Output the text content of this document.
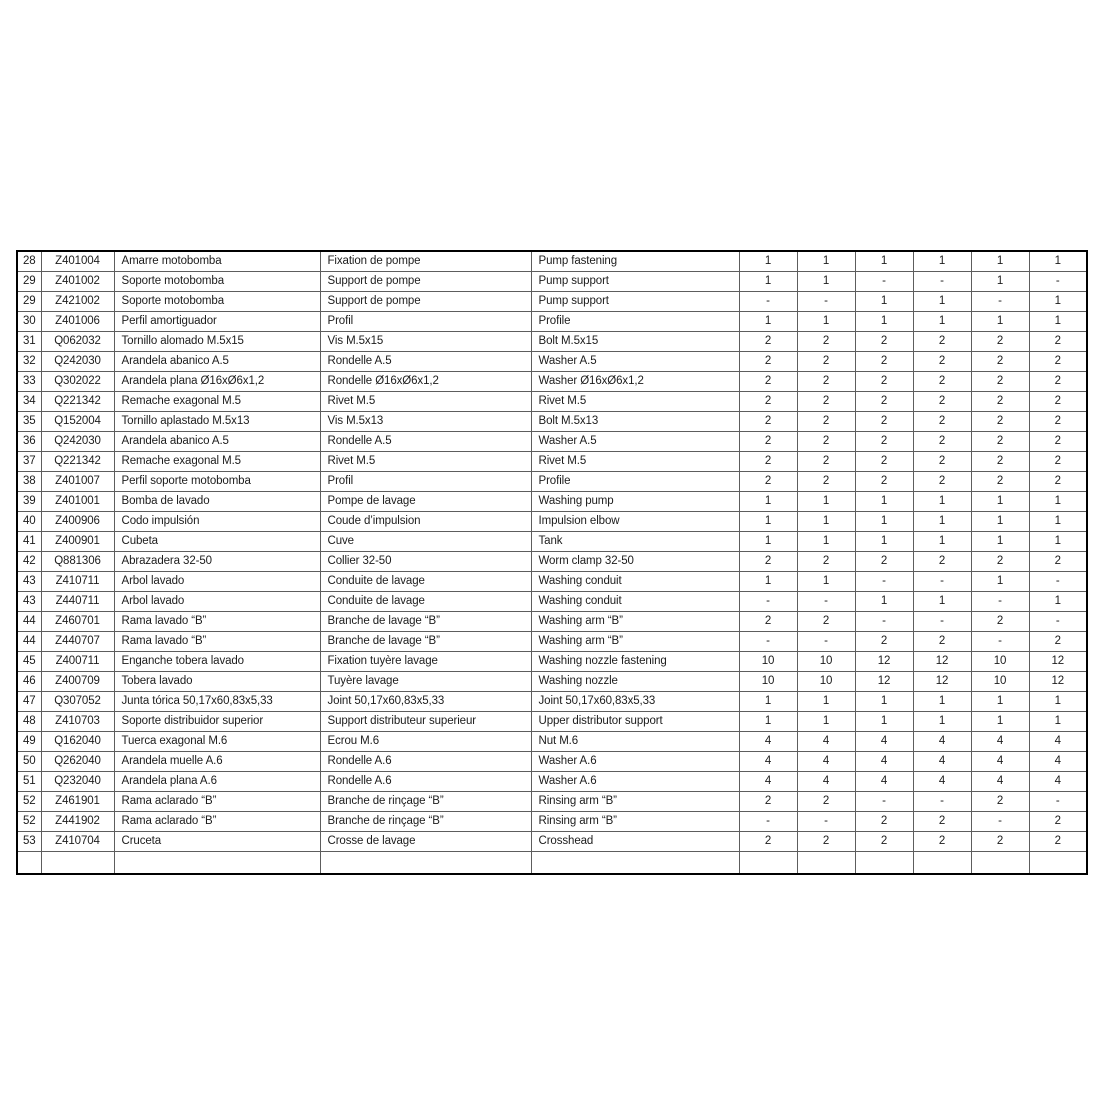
28	Z401004	Amarre motobomba	Fixation de pompe	Pump fastening	1	1	1	1	1	1
29	Z401002	Soporte motobomba	Support de pompe	Pump support	1	1	-	-	1	-
29	Z421002	Soporte motobomba	Support de pompe	Pump support	-	-	1	1	-	1
30	Z401006	Perfil amortiguador	Profil	Profile	1	1	1	1	1	1
31	Q062032	Tornillo alomado M.5x15	Vis M.5x15	Bolt M.5x15	2	2	2	2	2	2
32	Q242030	Arandela abanico A.5	Rondelle A.5	Washer A.5	2	2	2	2	2	2
33	Q302022	Arandela plana Ø16xØ6x1,2	Rondelle Ø16xØ6x1,2	Washer Ø16xØ6x1,2	2	2	2	2	2	2
34	Q221342	Remache exagonal M.5	Rivet M.5	Rivet M.5	2	2	2	2	2	2
35	Q152004	Tornillo aplastado M.5x13	Vis M.5x13	Bolt M.5x13	2	2	2	2	2	2
36	Q242030	Arandela abanico A.5	Rondelle A.5	Washer A.5	2	2	2	2	2	2
37	Q221342	Remache exagonal M.5	Rivet M.5	Rivet M.5	2	2	2	2	2	2
38	Z401007	Perfil soporte motobomba	Profil	Profile	2	2	2	2	2	2
39	Z401001	Bomba de lavado	Pompe de lavage	Washing pump	1	1	1	1	1	1
40	Z400906	Codo impulsión	Coude d’impulsion	Impulsion elbow	1	1	1	1	1	1
41	Z400901	Cubeta	Cuve	Tank	1	1	1	1	1	1
42	Q881306	Abrazadera 32-50	Collier 32-50	Worm clamp 32-50	2	2	2	2	2	2
43	Z410711	Arbol lavado	Conduite de lavage	Washing conduit	1	1	-	-	1	-
43	Z440711	Arbol lavado	Conduite de lavage	Washing conduit	-	-	1	1	-	1
44	Z460701	Rama lavado “B”	Branche de lavage “B”	Washing arm “B”	2	2	-	-	2	-
44	Z440707	Rama lavado “B”	Branche de lavage “B”	Washing arm “B”	-	-	2	2	-	2
45	Z400711	Enganche tobera lavado	Fixation tuyère lavage	Washing nozzle fastening	10	10	12	12	10	12
46	Z400709	Tobera lavado	Tuyère lavage	Washing nozzle	10	10	12	12	10	12
47	Q307052	Junta tórica 50,17x60,83x5,33	Joint 50,17x60,83x5,33	Joint 50,17x60,83x5,33	1	1	1	1	1	1
48	Z410703	Soporte distribuidor superior	Support distributeur superieur	Upper distributor support	1	1	1	1	1	1
49	Q162040	Tuerca exagonal M.6	Ecrou M.6	Nut M.6	4	4	4	4	4	4
50	Q262040	Arandela muelle A.6	Rondelle A.6	Washer A.6	4	4	4	4	4	4
51	Q232040	Arandela plana A.6	Rondelle A.6	Washer A.6	4	4	4	4	4	4
52	Z461901	Rama aclarado “B”	Branche de rinçage “B”	Rinsing arm “B”	2	2	-	-	2	-
52	Z441902	Rama aclarado “B”	Branche de rinçage “B”	Rinsing arm “B”	-	-	2	2	-	2
53	Z410704	Cruceta	Crosse de lavage	Crosshead	2	2	2	2	2	2
